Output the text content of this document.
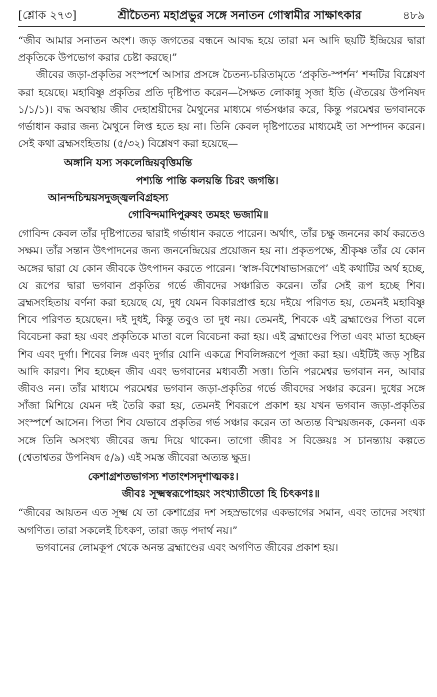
[শ্লোক ২৭৩]	শ্রীচৈতন্য মহাপ্রভুর সঙ্গে সনাতন গোস্বামীর সাক্ষাৎকার	৪৮৯

“জীব আমার সনাতন অংশ। জড় জগতের বন্ধনে আবদ্ধ হয়ে তারা মন আদি ছয়টি ইন্দ্রিয়ের দ্বারা প্রকৃতিকে উপভোগ করার চেষ্টা করছে।”

জীবের জড়া-প্রকৃতির সংস্পর্শে আসার প্রসঙ্গে চৈতন্য-চরিতামৃতে ‘প্রকৃতি-স্পর্শন’ শব্দটির বিশ্লেষণ করা হয়েছে। মহাবিষ্ণু প্রকৃতির প্রতি দৃষ্টিপাত করেন—সৈক্ষত লোকান্নু সৃজা ইতি (ঐতরেয় উপনিষদ ১/১/১)। বদ্ধ অবস্থায় জীব দেহাশ্রয়ীদের মৈথুনের মাধ্যমে গর্ভসঞ্চার করে, কিন্তু পরমেশ্বর ভগবানকে গর্ভাধান করার জন্য মৈথুনে লিপ্ত হতে হয় না। তিনি কেবল দৃষ্টিপাতের মাধ্যমেই তা সম্পাদন করেন। সেই কথা ব্রহ্মসংহিতায় (৫/৩২) বিশ্লেষণ করা হয়েছে—

অঙ্গানি যস্য সকলেন্দ্রিয়বৃত্তিমন্তি
পশ্যন্তি পান্তি কলয়ন্তি চিরং জগন্তি।
আনন্দচিন্ময়সদুজ্জ্বলবিগ্রহস্য
গোবিন্দমাদিপুরুষং তমহং ভজামি॥

গোবিন্দ কেবল তাঁর দৃষ্টিপাতের দ্বারাই গর্ভাধান করতে পারেন। অর্থাৎ, তাঁর চক্ষু জননের কার্য করতেও সক্ষম। তাঁর সন্তান উৎপাদনের জন্য জননেন্দ্রিয়ের প্রয়োজন হয় না। প্রকৃতপক্ষে, শ্রীকৃষ্ণ তাঁর যে কোন অঙ্গের দ্বারা যে কোন জীবকে উৎপাদন করতে পারেন। ‘স্বাঙ্গ-বিশেষাভাসরূপে’ এই কথাটির অর্থ হচ্ছে, যে রূপের দ্বারা ভগবান প্রকৃতির গর্ভে জীবদের সঞ্চারিত করেন। তাঁর সেই রূপ হচ্ছে শিব। ব্রহ্মসংহিতায় বর্ণনা করা হয়েছে যে, দুধ যেমন বিকারপ্রাপ্ত হয়ে দইয়ে পরিণত হয়, তেমনই মহাবিষ্ণু শিবে পরিণত হয়েছেন। দই দুধই, কিন্তু তবুও তা দুধ নয়। তেমনই, শিবকে এই ব্রহ্মাণ্ডের পিতা বলে বিবেচনা করা হয় এবং প্রকৃতিকে মাতা বলে বিবেচনা করা হয়। এই ব্রহ্মাণ্ডের পিতা এবং মাতা হচ্ছেন শিব এবং দুর্গা। শিবের লিঙ্গ এবং দুর্গার যোনি একত্রে শিবলিঙ্গরূপে পূজা করা হয়। এইটিই জড় সৃষ্টির আদি কারণ। শিব হচ্ছেন জীব এবং ভগবানের মধ্যবর্তী সত্তা। তিনি পরমেশ্বর ভগবান নন, আবার জীবও নন। তাঁর মাধ্যমে পরমেশ্বর ভগবান জড়া-প্রকৃতির গর্ভে জীবদের সঞ্চার করেন। দুধের সঙ্গে সাঁজা মিশিয়ে যেমন দই তৈরি করা হয়, তেমনই শিবরূপে প্রকাশ হয় যখন ভগবান জড়া-প্রকৃতির সংস্পর্শে আসেন। পিতা শিব যেভাবে প্রকৃতির গর্ভ সঞ্চার করেন তা অত্যন্ত বিস্ময়জনক, কেননা এক সঙ্গে তিনি অসংখ্য জীবের জন্ম দিয়ে থাকেন। তাগো জীবঃ স বিজ্ঞেয়ঃ স চানন্ত্যায় কল্পতে (শ্বেতাশ্বতর উপনিষদ ৫/৯) এই সমস্ত জীবেরা অত্যন্ত ক্ষুদ্র।

কেশাগ্রশতভাগস্য শতাংশসদৃশাত্মকঃ।
জীবঃ সূক্ষ্মস্বরূপোহয়ং সংখ্যাতীতো হি চিৎকণঃ॥

“জীবের আয়তন এত সূক্ষ্ম যে তা কেশাগ্রের দশ সহস্রভাগের একভাগের সমান, এবং তাদের সংখ্যা অগণিত। তারা সকলেই চিৎকণ, তারা জড় পদার্থ নয়।”

ভগবানের লোমকূপ থেকে অনন্ত ব্রহ্মাণ্ডের এবং অগণিত জীবের প্রকাশ হয়।
